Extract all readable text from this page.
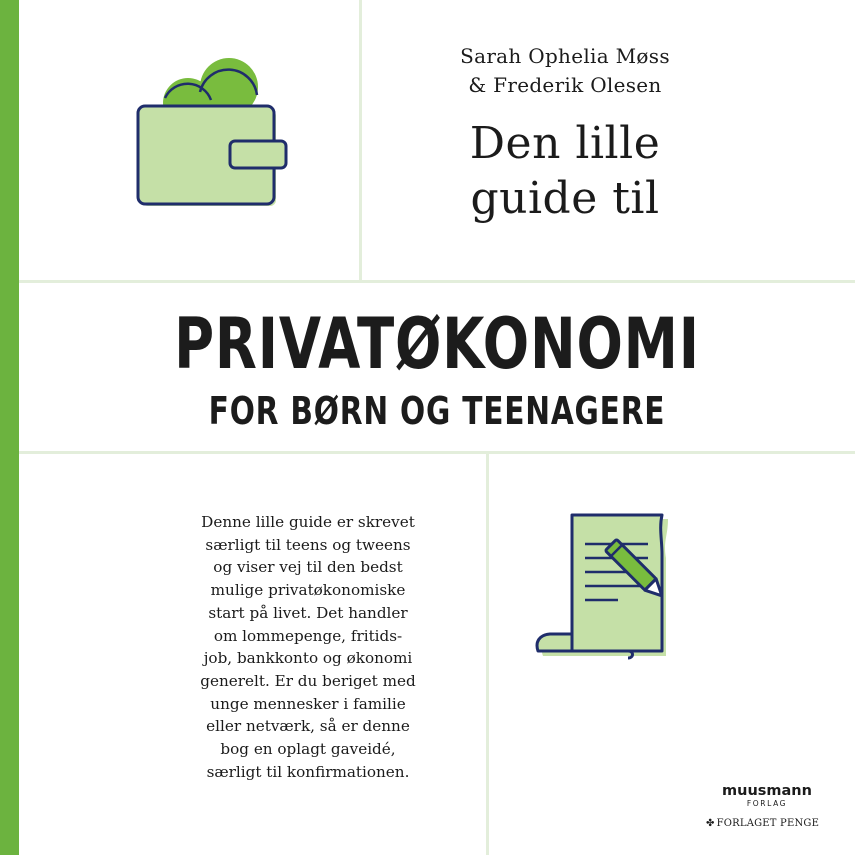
Sarah Ophelia Møss
& Frederik Olesen
Den lille
guide til
PRIVATØKONOMI
FOR BØRN OG TEENAGERE
Denne lille guide er skrevet
særligt til teens og tweens
og viser vej til den bedst
mulige privatøkonomiske
start på livet. Det handler
om lommepenge, fritids-
job, bankkonto og økonomi
generelt. Er du beriget med
unge mennesker i familie
eller netværk, så er denne
bog en oplagt gaveidé,
særligt til konfirmationen.
muusmann
FORLAG
✤ FORLAGET PENGE
